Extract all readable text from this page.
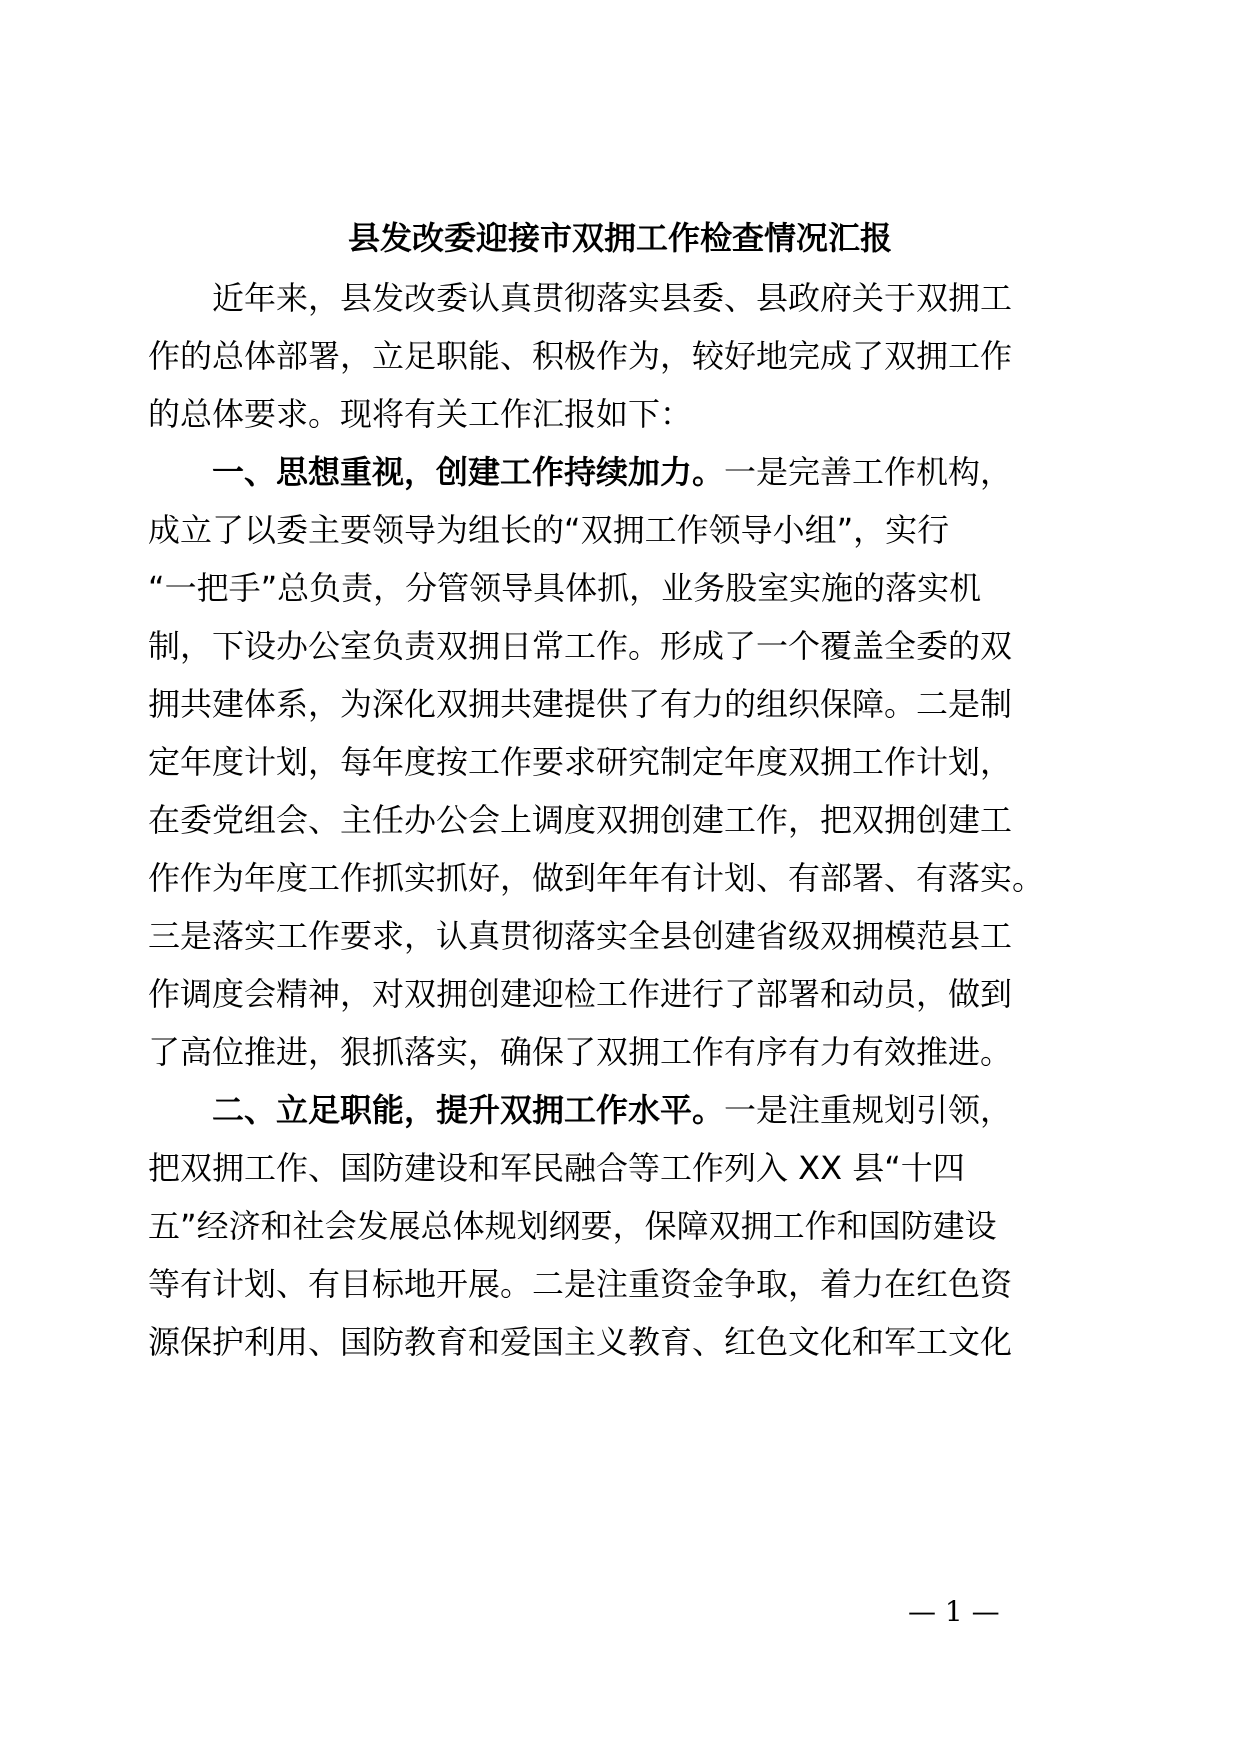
县发改委迎接市双拥工作检查情况汇报
近年来，县发改委认真贯彻落实县委、县政府关于双拥工
作的总体部署，立足职能、积极作为，较好地完成了双拥工作
的总体要求。现将有关工作汇报如下：
一、思想重视，创建工作持续加力。一是完善工作机构，
成立了以委主要领导为组长的“双拥工作领导小组”，实行
“一把手”总负责，分管领导具体抓，业务股室实施的落实机
制，下设办公室负责双拥日常工作。形成了一个覆盖全委的双
拥共建体系，为深化双拥共建提供了有力的组织保障。二是制
定年度计划，每年度按工作要求研究制定年度双拥工作计划，
在委党组会、主任办公会上调度双拥创建工作，把双拥创建工
作作为年度工作抓实抓好，做到年年有计划、有部署、有落实。
三是落实工作要求，认真贯彻落实全县创建省级双拥模范县工
作调度会精神，对双拥创建迎检工作进行了部署和动员，做到
了高位推进，狠抓落实，确保了双拥工作有序有力有效推进。
二、立足职能，提升双拥工作水平。一是注重规划引领，
把双拥工作、国防建设和军民融合等工作列入 XX 县“十四
五”经济和社会发展总体规划纲要，保障双拥工作和国防建设
等有计划、有目标地开展。二是注重资金争取，着力在红色资
源保护利用、国防教育和爱国主义教育、红色文化和军工文化
— 1 —
